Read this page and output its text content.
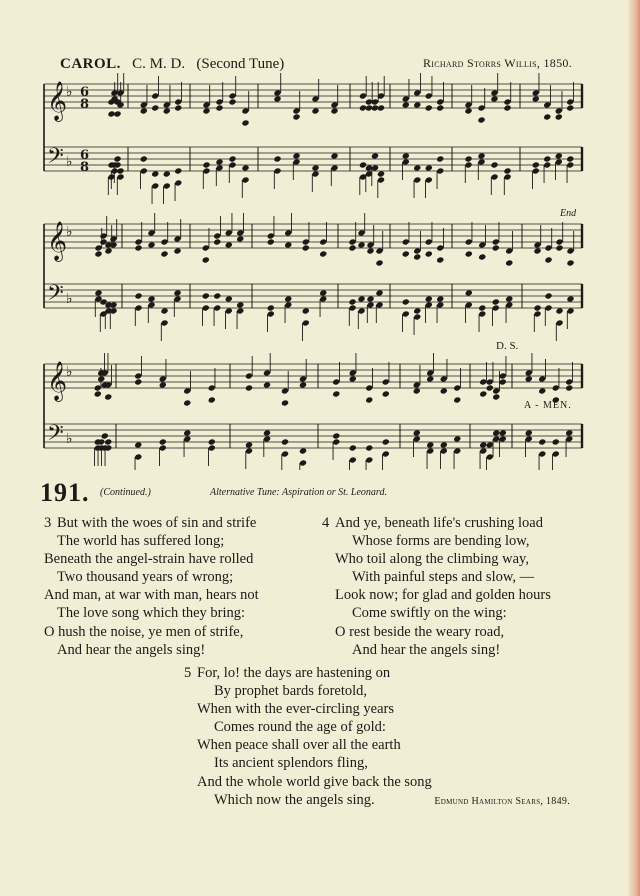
CAROL. C. M. D. (Second Tune)	Richard Storrs Willis, 1850.
𝄞
♭ 6
8
𝄢 ♭ 6
8
𝄞
♭
𝄢 ♭
𝄞
♭
𝄢 ♭
End
D. S.
A - MEN.
191. (Continued.)	Alternative Tune: Aspiration or St. Leonard.
3 But with the woes of sin and strife
The world has suffered long;
Beneath the angel-strain have rolled
Two thousand years of wrong;
And man, at war with man, hears not
The love song which they bring:
O hush the noise, ye men of strife,
And hear the angels sing!
4 And ye, beneath life's crushing load
Whose forms are bending low,
Who toil along the climbing way,
With painful steps and slow, —
Look now; for glad and golden hours
Come swiftly on the wing:
O rest beside the weary road,
And hear the angels sing!
5 For, lo! the days are hastening on
By prophet bards foretold,
When with the ever-circling years
Comes round the age of gold:
When peace shall over all the earth
Its ancient splendors fling,
And the whole world give back the song
Which now the angels sing.	Edmund Hamilton Sears, 1849.
